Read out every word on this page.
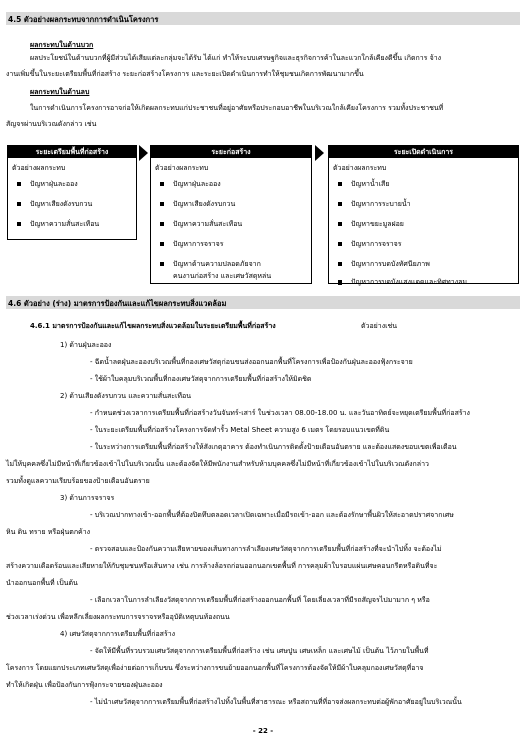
4.5 ตัวอย่างผลกระทบจากการดำเนินโครงการ
ผลกระทบในด้านบวก
ผลประโยชน์ในด้านบวกที่ผู้มีส่วนได้เสียแต่ละกลุ่มจะได้รับ ได้แก่ ทำให้ระบบเศรษฐกิจและธุรกิจการค้าในละแวกใกล้เคียงดีขึ้น เกิดการ จ้าง
งานเพิ่มขึ้นในระยะเตรียมพื้นที่ก่อสร้าง ระยะก่อสร้างโครงการ และระยะเปิดดำเนินการทำให้ชุมชนเกิดการพัฒนามากขึ้น
ผลกระทบในด้านลบ
ในการดำเนินการโครงการอาจก่อให้เกิดผลกระทบแก่ประชาชนที่อยู่อาศัยหรือประกอบอาชีพในบริเวณใกล้เคียงโครงการ รวมทั้งประชาชนที่
สัญจรผ่านบริเวณดังกล่าว เช่น
ระยะเตรียมพื้นที่ก่อสร้าง
ตัวอย่างผลกระทบ
ปัญหาฝุ่นละออง
ปัญหาเสียงดังรบกวน
ปัญหาความสั่นสะเทือน
ระยะก่อสร้าง
ตัวอย่างผลกระทบ
ปัญหาฝุ่นละออง
ปัญหาเสียงดังรบกวน
ปัญหาความสั่นสะเทือน
ปัญหาการจราจร
ปัญหาด้านความปลอดภัยจาก
คนงานก่อสร้าง และเศษวัสดุหล่น
ระยะเปิดดำเนินการ
ตัวอย่างผลกระทบ
ปัญหาน้ำเสีย
ปัญหาการระบายน้ำ
ปัญหาขยะมูลฝอย
ปัญหาการจราจร
ปัญหาการบดบังทัศนียภาพ
ปัญหาการบดบังแสงแดดและทิศทางลม
4.6 ตัวอย่าง (ร่าง) มาตรการป้องกันและแก้ไขผลกระทบสิ่งแวดล้อม
4.6.1 มาตรการป้องกันและแก้ไขผลกระทบสิ่งแวดล้อมในระยะเตรียมพื้นที่ก่อสร้าง	ตัวอย่างเช่น
1) ด้านฝุ่นละออง
- ฉีดน้ำลดฝุ่นละอองบริเวณพื้นที่กองเศษวัสดุก่อนขนส่งออกนอกพื้นที่โครงการเพื่อป้องกันฝุ่นละอองฟุ้งกระจาย
- ใช้ผ้าใบคลุมบริเวณพื้นที่กองเศษวัสดุจากการเตรียมพื้นที่ก่อสร้างให้มิดชิด
2) ด้านเสียงดังรบกวน และความสั่นสะเทือน
- กำหนดช่วงเวลาการเตรียมพื้นที่ก่อสร้างวันจันทร์-เสาร์ ในช่วงเวลา 08.00-18.00 น. และวันอาทิตย์จะหยุดเตรียมพื้นที่ก่อสร้าง
- ในระยะเตรียมพื้นที่ก่อสร้างโครงการจัดทำรั้ว Metal Sheet ความสูง 6 เมตร โดยรอบแนวเขตที่ดิน
- ในระหว่างการเตรียมพื้นที่ก่อสร้างให้สังเกตุอาคาร ต้องทำเนินการติดตั้งป้ายเตือนอันตราย และต้องแสดงขอบเขตเพื่อเตือน
ไม่ให้บุคคลซึ่งไม่มีหน้าที่เกี่ยวข้องเข้าไปในบริเวณนั้น และต้องจัดให้มีพนักงานสำหรับห้ามบุคคลซึ่งไม่มีหน้าที่เกี่ยวข้องเข้าไปในบริเวณดังกล่าว
รวมทั้งดูแลความเรียบร้อยของป้ายเตือนอันตราย
3) ด้านการจราจร
- บริเวณปากทางเข้า-ออกพื้นที่ต้องปิดทึบตลอดเวลาเปิดเฉพาะเมื่อมีรถเข้า-ออก และต้องรักษาพื้นผิวให้สะอาดปราศจากเศษ
หิน ดิน ทราย หรือฝุ่นตกค้าง
- ตรวจสอบและป้องกันความเสียหายของเส้นทางการลำเลียงเศษวัสดุจากการเตรียมพื้นที่ก่อสร้างที่จะนำไปทิ้ง จะต้องไม่
สร้างความเดือดร้อนและเสียหายให้กับชุมชนหรือเส้นทาง เช่น การล้างล้อรถก่อนออกนอกเขตพื้นที่ การคลุมผ้าใบรอบแผ่นเศษคอนกรีตหรือดินที่จะ
นำออกนอกพื้นที่ เป็นต้น
- เลือกเวลาในการลำเลียงวัสดุจากการเตรียมพื้นที่ก่อสร้างออกนอกพื้นที่ โดยเลี่ยงเวลาที่มีรถสัญจรไปมามาก ๆ หรือ
ช่วงเวลาเร่งด่วน เพื่อหลีกเลี่ยงผลกระทบการจราจรหรืออุบัติเหตุบนท้องถนน
4) เศษวัสดุจากการเตรียมพื้นที่ก่อสร้าง
- จัดให้มีพื้นที่รวบรวมเศษวัสดุจากการเตรียมพื้นที่ก่อสร้าง เช่น เศษปูน เศษเหล็ก และเศษไม้ เป็นต้น ไว้ภายในพื้นที่
โครงการ โดยแยกประเภทเศษวัสดุเพื่อง่ายต่อการเก็บขน ซึ่งระหว่างการขนย้ายออกนอกพื้นที่โครงการต้องจัดให้มีผ้าใบคลุมกองเศษวัสดุที่อาจ
ทำให้เกิดฝุ่น เพื่อป้องกันการฟุ้งกระจายของฝุ่นละออง
- ไม่นำเศษวัสดุจากการเตรียมพื้นที่ก่อสร้างไปทิ้งในพื้นที่สาธารณะ หรือสถานที่ที่อาจส่งผลกระทบต่อผู้พักอาศัยอยู่ในบริเวณนั้น
- 22 -
